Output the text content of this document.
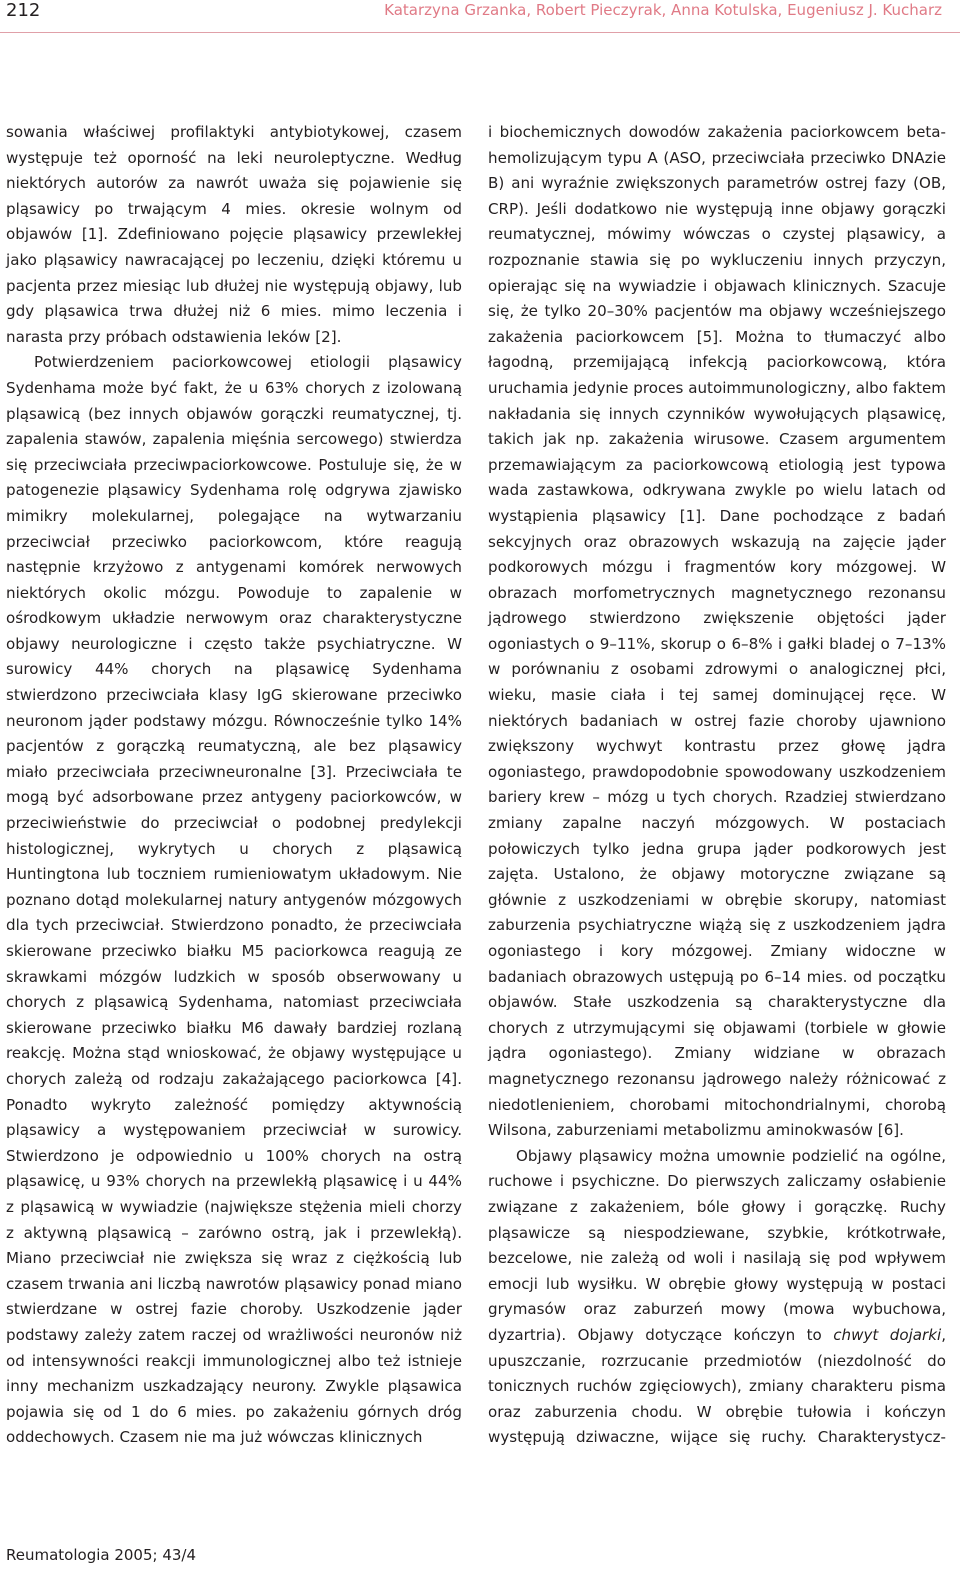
212	Katarzyna Grzanka, Robert Pieczyrak, Anna Kotulska, Eugeniusz J. Kucharz

sowania właściwej profilaktyki antybiotykowej, czasem występuje też oporność na leki neuroleptyczne. Według niektórych autorów za nawrót uważa się pojawienie się pląsawicy po trwającym 4 mies. okresie wolnym od objawów [1]. Zdefiniowano pojęcie pląsawicy przewlekłej jako pląsawicy nawracającej po leczeniu, dzięki któremu u pacjenta przez miesiąc lub dłużej nie występują objawy, lub gdy pląsawica trwa dłużej niż 6 mies. mimo leczenia i narasta przy próbach odstawienia leków [2].

Potwierdzeniem paciorkowcowej etiologii pląsawicy Sydenhama może być fakt, że u 63% chorych z izolowaną pląsawicą (bez innych objawów gorączki reumatycznej, tj. zapalenia stawów, zapalenia mięśnia sercowego) stwierdza się przeciwciała przeciwpaciorkowcowe. Postuluje się, że w patogenezie pląsawicy Sydenhama rolę odgrywa zjawisko mimikry molekularnej, polegające na wytwarzaniu przeciwciał przeciwko paciorkowcom, które reagują następnie krzyżowo z antygenami komórek nerwowych niektórych okolic mózgu. Powoduje to zapalenie w ośrodkowym układzie nerwowym oraz charakterystyczne objawy neurologiczne i często także psychiatryczne. W surowicy 44% chorych na pląsawicę Sydenhama stwierdzono przeciwciała klasy IgG skierowane przeciwko neuronom jąder podstawy mózgu. Równocześnie tylko 14% pacjentów z gorączką reumatyczną, ale bez pląsawicy miało przeciwciała przeciwneuronalne [3]. Przeciwciała te mogą być adsorbowane przez antygeny paciorkowców, w przeciwieństwie do przeciwciał o podobnej predylekcji histologicznej, wykrytych u chorych z pląsawicą Huntingtona lub toczniem rumieniowatym układowym. Nie poznano dotąd molekularnej natury antygenów mózgowych dla tych przeciwciał. Stwierdzono ponadto, że przeciwciała skierowane przeciwko białku M5 paciorkowca reagują ze skrawkami mózgów ludzkich w sposób obserwowany u chorych z pląsawicą Sydenhama, natomiast przeciwciała skierowane przeciwko białku M6 dawały bardziej rozlaną reakcję. Można stąd wnioskować, że objawy występujące u chorych zależą od rodzaju zakażającego paciorkowca [4]. Ponadto wykryto zależność pomiędzy aktywnością pląsawicy a występowaniem przeciwciał w surowicy. Stwierdzono je odpowiednio u 100% chorych na ostrą pląsawicę, u 93% chorych na przewlekłą pląsawicę i u 44% z pląsawicą w wywiadzie (największe stężenia mieli chorzy z aktywną pląsawicą – zarówno ostrą, jak i przewlekłą). Miano przeciwciał nie zwiększa się wraz z ciężkością lub czasem trwania ani liczbą nawrotów pląsawicy ponad miano stwierdzane w ostrej fazie choroby. Uszkodzenie jąder podstawy zależy zatem raczej od wrażliwości neuronów niż od intensywności reakcji immunologicznej albo też istnieje inny mechanizm uszkadzający neurony. Zwykle pląsawica pojawia się od 1 do 6 mies. po zakażeniu górnych dróg oddechowych. Czasem nie ma już wówczas klinicznych

i biochemicznych dowodów zakażenia paciorkowcem beta-hemolizującym typu A (ASO, przeciwciała przeciwko DNAzie B) ani wyraźnie zwiększonych parametrów ostrej fazy (OB, CRP). Jeśli dodatkowo nie występują inne objawy gorączki reumatycznej, mówimy wówczas o czystej pląsawicy, a rozpoznanie stawia się po wykluczeniu innych przyczyn, opierając się na wywiadzie i objawach klinicznych. Szacuje się, że tylko 20–30% pacjentów ma objawy wcześniejszego zakażenia paciorkowcem [5]. Można to tłumaczyć albo łagodną, przemijającą infekcją paciorkowcową, która uruchamia jedynie proces autoimmunologiczny, albo faktem nakładania się innych czynników wywołujących pląsawicę, takich jak np. zakażenia wirusowe. Czasem argumentem przemawiającym za paciorkowcową etiologią jest typowa wada zastawkowa, odkrywana zwykle po wielu latach od wystąpienia pląsawicy [1]. Dane pochodzące z badań sekcyjnych oraz obrazowych wskazują na zajęcie jąder podkorowych mózgu i fragmentów kory mózgowej. W obrazach morfometrycznych magnetycznego rezonansu jądrowego stwierdzono zwiększenie objętości jąder ogoniastych o 9–11%, skorup o 6–8% i gałki bladej o 7–13% w porównaniu z osobami zdrowymi o analogicznej płci, wieku, masie ciała i tej samej dominującej ręce. W niektórych badaniach w ostrej fazie choroby ujawniono zwiększony wychwyt kontrastu przez głowę jądra ogoniastego, prawdopodobnie spowodowany uszkodzeniem bariery krew – mózg u tych chorych. Rzadziej stwierdzano zmiany zapalne naczyń mózgowych. W postaciach połowiczych tylko jedna grupa jąder podkorowych jest zajęta. Ustalono, że objawy motoryczne związane są głównie z uszkodzeniami w obrębie skorupy, natomiast zaburzenia psychiatryczne wiążą się z uszkodzeniem jądra ogoniastego i kory mózgowej. Zmiany widoczne w badaniach obrazowych ustępują po 6–14 mies. od początku objawów. Stałe uszkodzenia są charakterystyczne dla chorych z utrzymującymi się objawami (torbiele w głowie jądra ogoniastego). Zmiany widziane w obrazach magnetycznego rezonansu jądrowego należy różnicować z niedotlenieniem, chorobami mitochondrialnymi, chorobą Wilsona, zaburzeniami metabolizmu aminokwasów [6].

Objawy pląsawicy można umownie podzielić na ogólne, ruchowe i psychiczne. Do pierwszych zaliczamy osłabienie związane z zakażeniem, bóle głowy i gorączkę. Ruchy pląsawicze są niespodziewane, szybkie, krótkotrwałe, bezcelowe, nie zależą od woli i nasilają się pod wpływem emocji lub wysiłku. W obrębie głowy występują w postaci grymasów oraz zaburzeń mowy (mowa wybuchowa, dyzartria). Objawy dotyczące kończyn to chwyt dojarki, upuszczanie, rozrzucanie przedmiotów (niezdolność do tonicznych ruchów zgięciowych), zmiany charakteru pisma oraz zaburzenia chodu. W obrębie tułowia i kończyn występują dziwaczne, wijące się ruchy. Charakterystycz-

Reumatologia 2005; 43/4
